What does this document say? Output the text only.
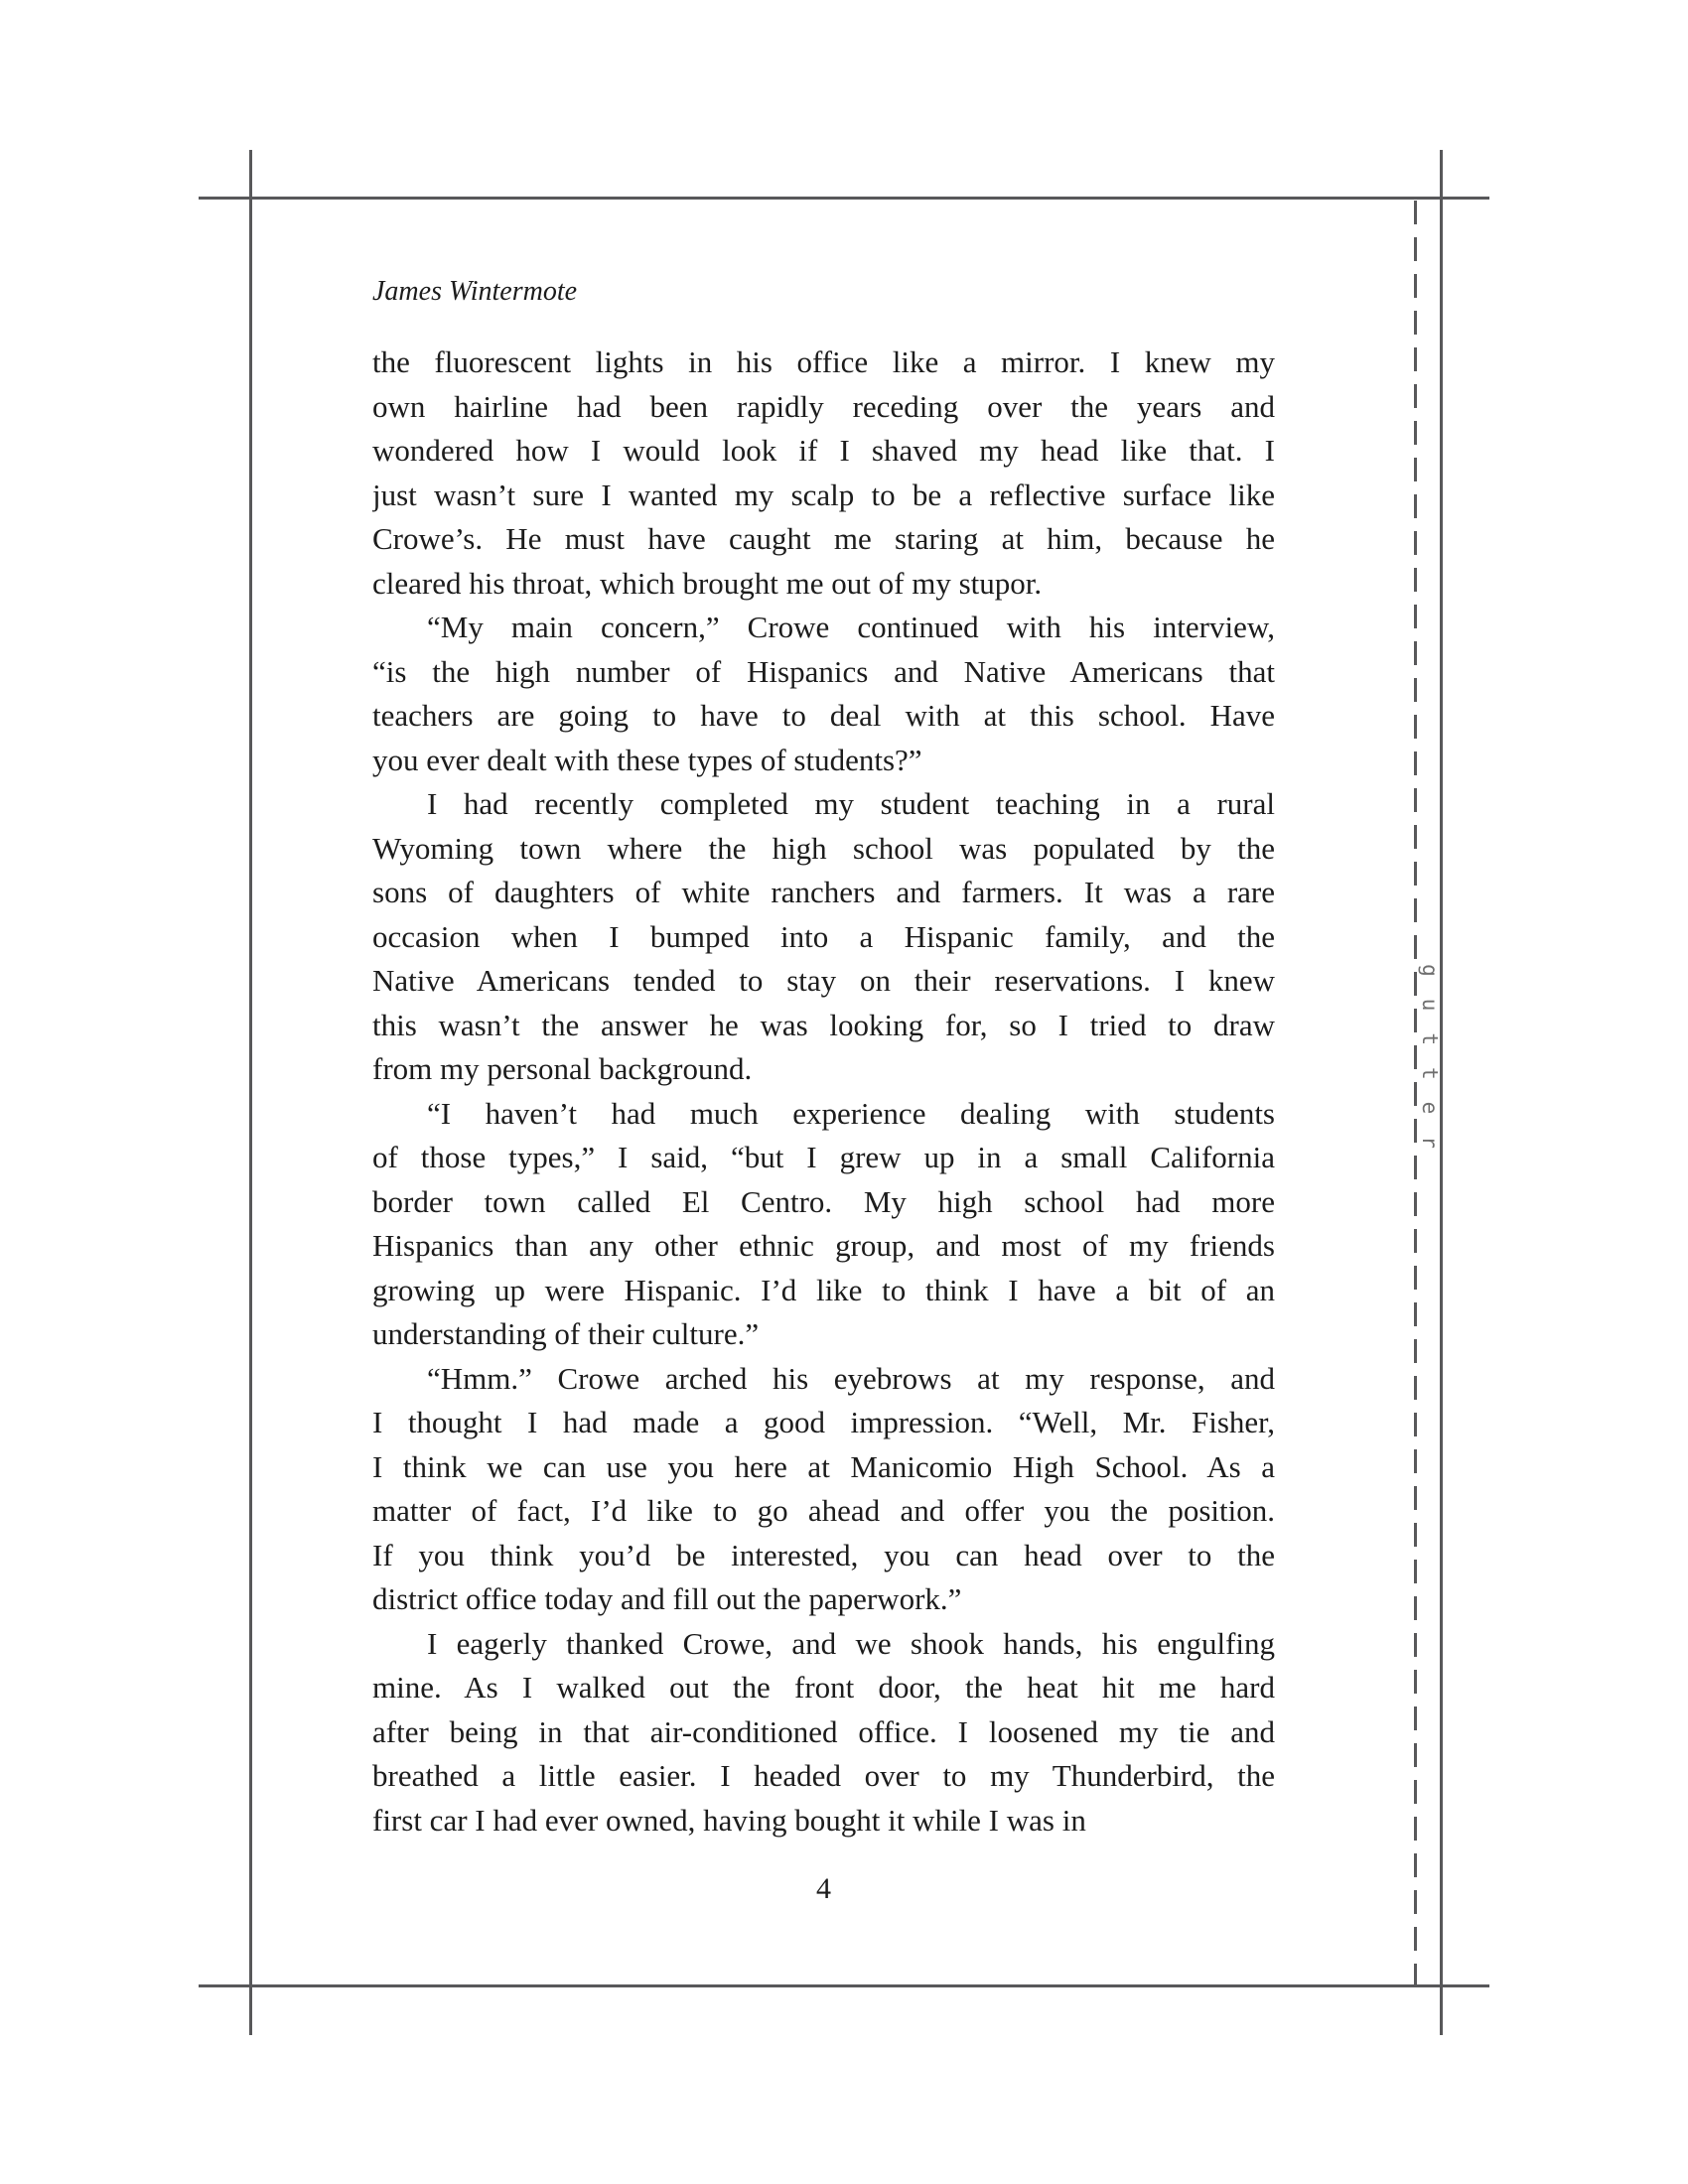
gutter
James Wintermote
the fluorescent lights in his office like a mirror. I knew my
own hairline had been rapidly receding over the years and
wondered how I would look if I shaved my head like that. I
just wasn’t sure I wanted my scalp to be a reflective surface like
Crowe’s. He must have caught me staring at him, because he
cleared his throat, which brought me out of my stupor.
“My main concern,” Crowe continued with his interview,
“is the high number of Hispanics and Native Americans that
teachers are going to have to deal with at this school. Have
you ever dealt with these types of students?”
I had recently completed my student teaching in a rural
Wyoming town where the high school was populated by the
sons of daughters of white ranchers and farmers. It was a rare
occasion when I bumped into a Hispanic family, and the
Native Americans tended to stay on their reservations. I knew
this wasn’t the answer he was looking for, so I tried to draw
from my personal background.
“I haven’t had much experience dealing with students
of those types,” I said, “but I grew up in a small California
border town called El Centro. My high school had more
Hispanics than any other ethnic group, and most of my friends
growing up were Hispanic. I’d like to think I have a bit of an
understanding of their culture.”
“Hmm.” Crowe arched his eyebrows at my response, and
I thought I had made a good impression. “Well, Mr. Fisher,
I think we can use you here at Manicomio High School. As a
matter of fact, I’d like to go ahead and offer you the position.
If you think you’d be interested, you can head over to the
district office today and fill out the paperwork.”
I eagerly thanked Crowe, and we shook hands, his engulfing
mine. As I walked out the front door, the heat hit me hard
after being in that air-conditioned office. I loosened my tie and
breathed a little easier. I headed over to my Thunderbird, the
first car I had ever owned, having bought it while I was in
4
